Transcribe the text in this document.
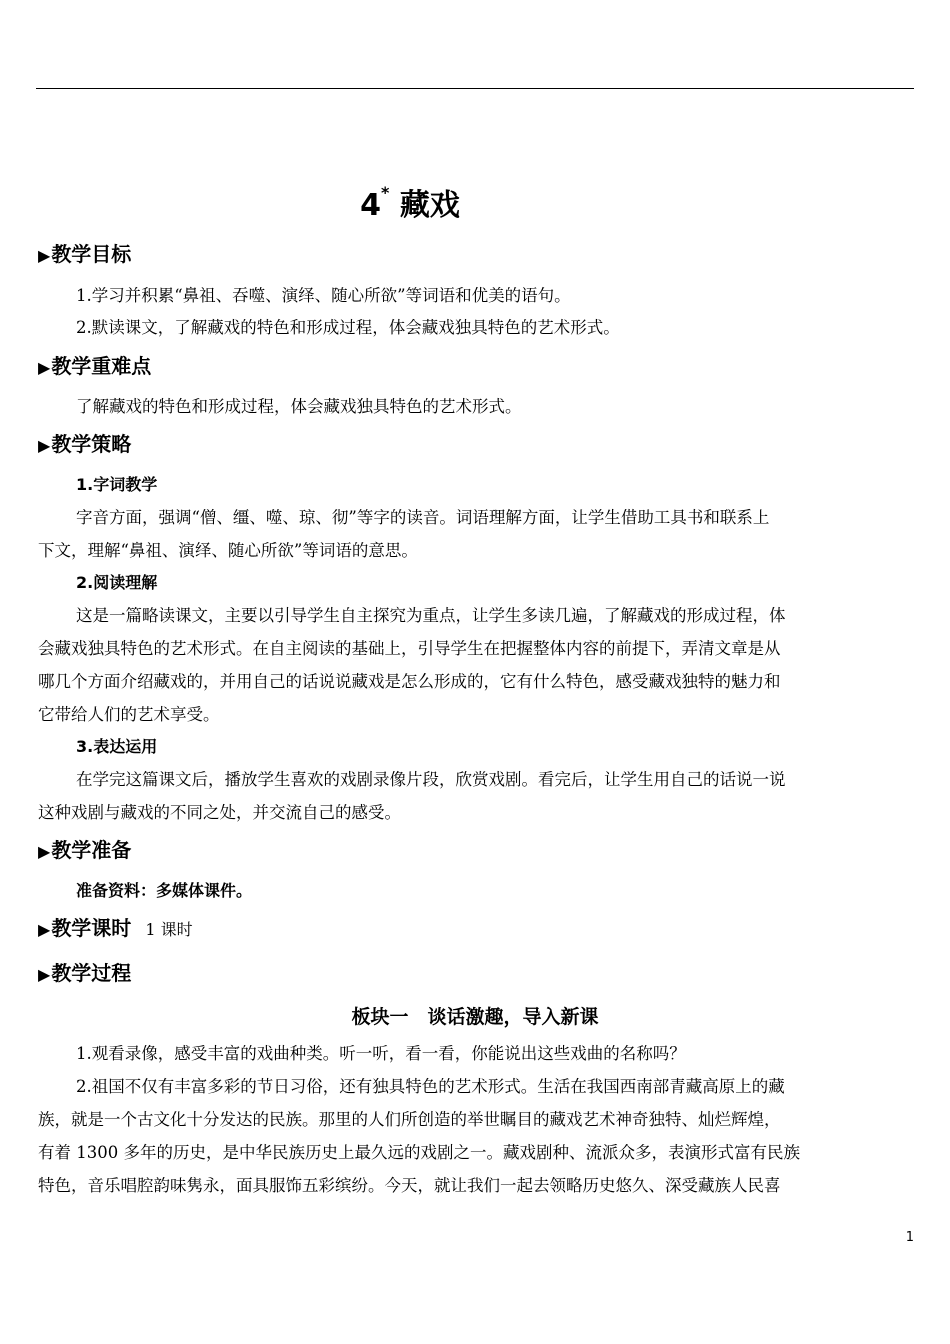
4* 藏戏
▶教学目标
1.学习并积累“鼻祖、吞噬、演绎、随心所欲”等词语和优美的语句。
2.默读课文，了解藏戏的特色和形成过程，体会藏戏独具特色的艺术形式。
▶教学重难点
了解藏戏的特色和形成过程，体会藏戏独具特色的艺术形式。
▶教学策略
1.字词教学
字音方面，强调“僧、缰、噬、琼、彻”等字的读音。词语理解方面，让学生借助工具书和联系上
下文，理解“鼻祖、演绎、随心所欲”等词语的意思。
2.阅读理解
这是一篇略读课文，主要以引导学生自主探究为重点，让学生多读几遍，了解藏戏的形成过程，体
会藏戏独具特色的艺术形式。在自主阅读的基础上，引导学生在把握整体内容的前提下，弄清文章是从
哪几个方面介绍藏戏的，并用自己的话说说藏戏是怎么形成的，它有什么特色，感受藏戏独特的魅力和
它带给人们的艺术享受。
3.表达运用
在学完这篇课文后，播放学生喜欢的戏剧录像片段，欣赏戏剧。看完后，让学生用自己的话说一说
这种戏剧与藏戏的不同之处，并交流自己的感受。
▶教学准备
准备资料：多媒体课件。
▶教学课时 1 课时
▶教学过程
板块一　谈话激趣，导入新课
1.观看录像，感受丰富的戏曲种类。听一听，看一看，你能说出这些戏曲的名称吗？
2.祖国不仅有丰富多彩的节日习俗，还有独具特色的艺术形式。生活在我国西南部青藏高原上的藏
族，就是一个古文化十分发达的民族。那里的人们所创造的举世瞩目的藏戏艺术神奇独特、灿烂辉煌，
有着 1300 多年的历史，是中华民族历史上最久远的戏剧之一。藏戏剧种、流派众多，表演形式富有民族
特色，音乐唱腔韵味隽永，面具服饰五彩缤纷。今天，就让我们一起去领略历史悠久、深受藏族人民喜
1
